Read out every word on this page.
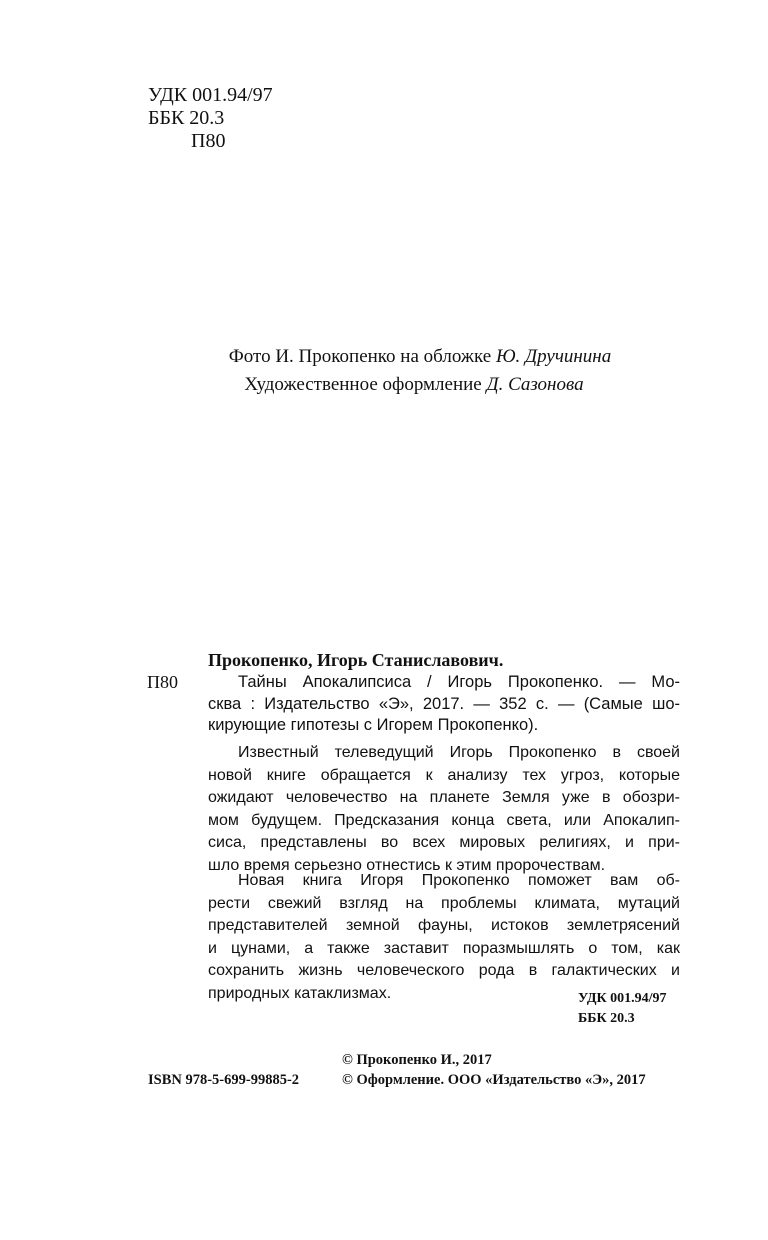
УДК 001.94/97
ББК 20.3
П80
Фото И. Прокопенко на обложке Ю. Дручинина
Художественное оформление Д. Сазонова
Прокопенко, Игорь Станиславович.
П80	Тайны Апокалипсиса / Игорь Прокопенко. — Мо-
сква : Издательство «Э», 2017. — 352 с. — (Самые шо-
кирующие гипотезы с Игорем Прокопенко).
Известный телеведущий Игорь Прокопенко в своей
новой книге обращается к анализу тех угроз, которые
ожидают человечество на планете Земля уже в обозри-
мом будущем. Предсказания конца света, или Апокалип-
сиса, представлены во всех мировых религиях, и при-
шло время серьезно отнестись к этим пророчествам.
Новая книга Игоря Прокопенко поможет вам об-
рести свежий взгляд на проблемы климата, мутаций
представителей земной фауны, истоков землетрясений
и цунами, а также заставит поразмышлять о том, как
сохранить жизнь человеческого рода в галактических и
природных катаклизмах.	УДК 001.94/97
ББК 20.3
© Прокопенко И., 2017
ISBN 978-5-699-99885-2	© Оформление. ООО «Издательство «Э», 2017
